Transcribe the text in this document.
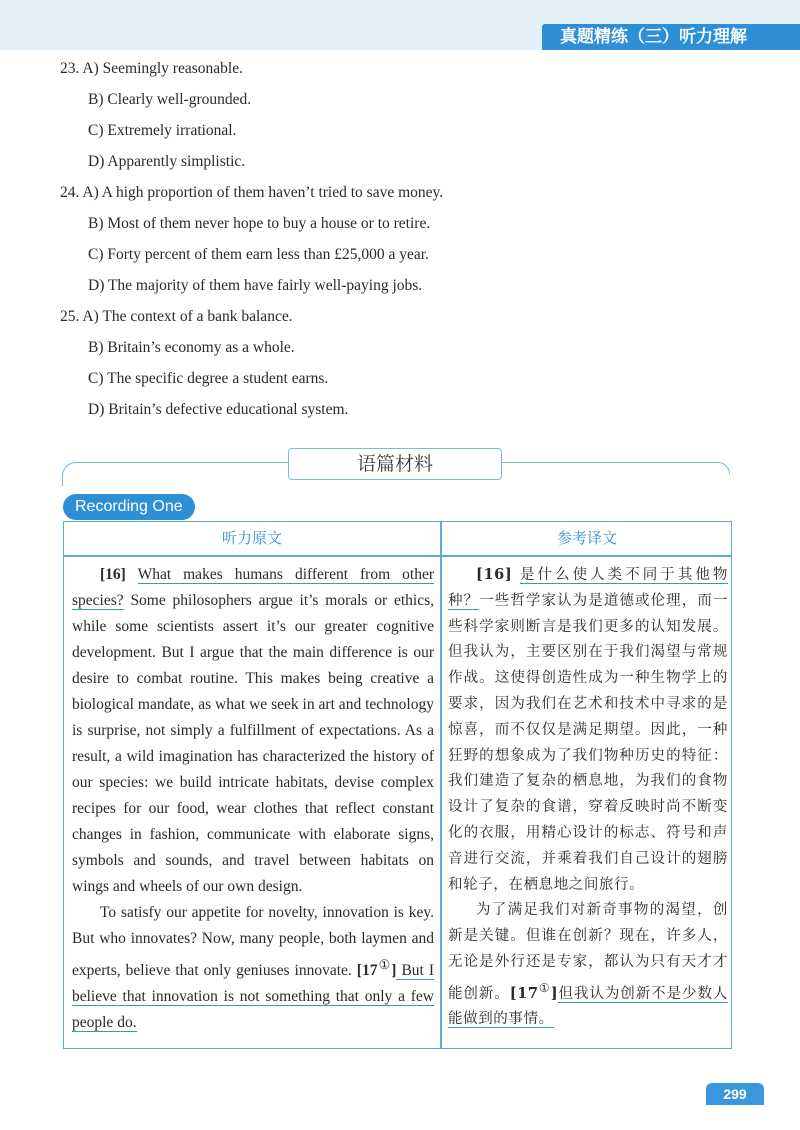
真题精练（三）听力理解
23. A) Seemingly reasonable.
B) Clearly well-grounded.
C) Extremely irrational.
D) Apparently simplistic.
24. A) A high proportion of them haven’t tried to save money.
B) Most of them never hope to buy a house or to retire.
C) Forty percent of them earn less than £25,000 a year.
D) The majority of them have fairly well-paying jobs.
25. A) The context of a bank balance.
B) Britain’s economy as a whole.
C) The specific degree a student earns.
D) Britain’s defective educational system.
语篇材料
Recording One
听力原文	参考译文

[16] What makes humans different from other species? Some philosophers argue it’s morals or ethics, while some scientists assert it’s our greater cognitive development. But I argue that the main difference is our desire to combat routine. This makes being creative a biological mandate, as what we seek in art and technology is surprise, not simply a fulfillment of expectations. As a result, a wild imagination has characterized the history of our species: we build intricate habitats, devise complex recipes for our food, wear clothes that reflect constant changes in fashion, communicate with elaborate signs, symbols and sounds, and travel between habitats on wings and wheels of our own design.

To satisfy our appetite for novelty, innovation is key. But who innovates? Now, many people, both laymen and experts, believe that only geniuses innovate. [17①] But I believe that innovation is not something that only a few people do.

[16] 是什么使人类不同于其他物种？一些哲学家认为是道德或伦理，而一些科学家则断言是我们更多的认知发展。但我认为，主要区别在于我们渴望与常规作战。这使得创造性成为一种生物学上的要求，因为我们在艺术和技术中寻求的是惊喜，而不仅仅是满足期望。因此，一种狂野的想象成为了我们物种历史的特征：我们建造了复杂的栖息地，为我们的食物设计了复杂的食谱，穿着反映时尚不断变化的衣服，用精心设计的标志、符号和声音进行交流，并乘着我们自己设计的翅膀和轮子，在栖息地之间旅行。

为了满足我们对新奇事物的渴望，创新是关键。但谁在创新？现在，许多人，无论是外行还是专家，都认为只有天才才能创新。[17①]但我认为创新不是少数人能做到的事情。

299
